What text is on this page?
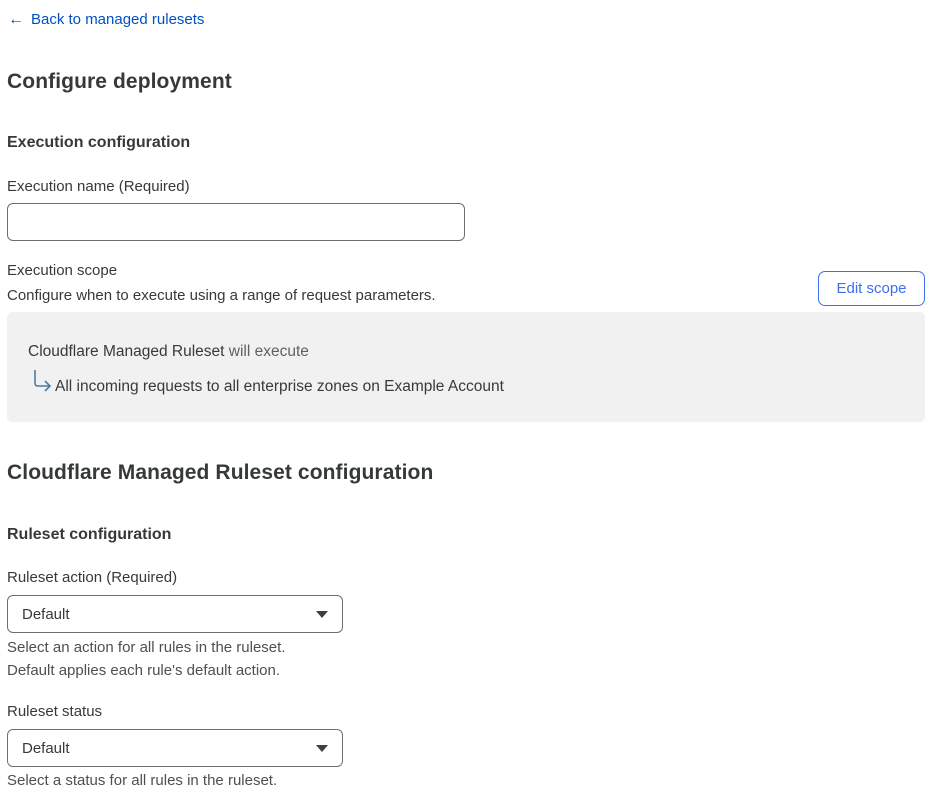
← Back to managed rulesets
Configure deployment
Execution configuration
Execution name (Required)
Execution scope
Configure when to execute using a range of request parameters.	Edit scope
Cloudflare Managed Ruleset will execute
All incoming requests to all enterprise zones on Example Account
Cloudflare Managed Ruleset configuration
Ruleset configuration
Ruleset action (Required)
Default
Select an action for all rules in the ruleset.
Default applies each rule's default action.
Ruleset status
Default
Select a status for all rules in the ruleset.
